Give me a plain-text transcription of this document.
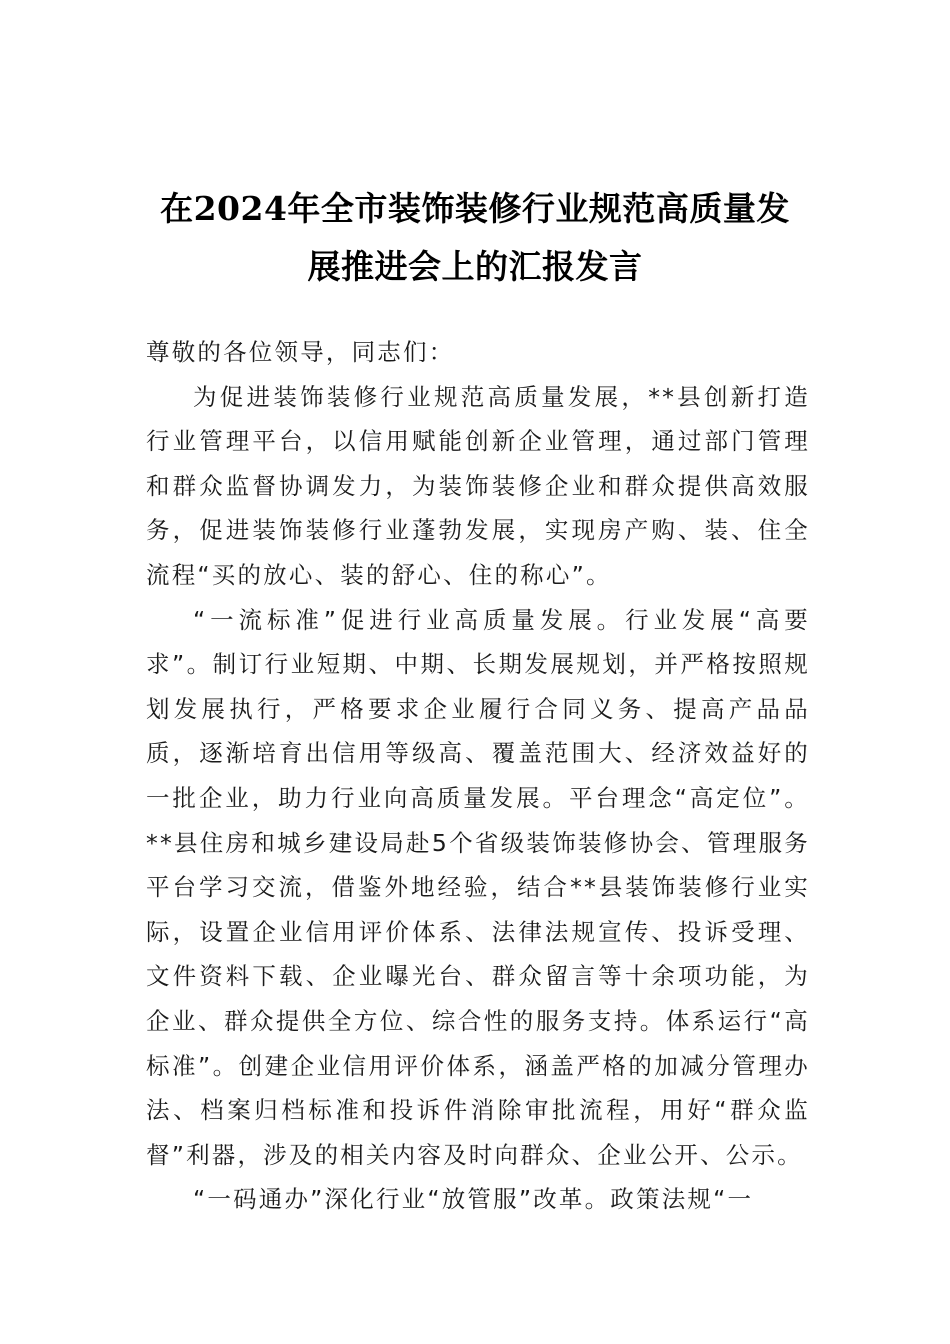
在2024年全市装饰装修行业规范高质量发
展推进会上的汇报发言

尊敬的各位领导，同志们：

为促进装饰装修行业规范高质量发展，**县创新打造行业管理平台，以信用赋能创新企业管理，通过部门管理和群众监督协调发力，为装饰装修企业和群众提供高效服务，促进装饰装修行业蓬勃发展，实现房产购、装、住全流程“买的放心、装的舒心、住的称心”。

“一流标准”促进行业高质量发展。行业发展“高要求”。制订行业短期、中期、长期发展规划，并严格按照规划发展执行，严格要求企业履行合同义务、提高产品品质，逐渐培育出信用等级高、覆盖范围大、经济效益好的一批企业，助力行业向高质量发展。平台理念“高定位”。**县住房和城乡建设局赴5个省级装饰装修协会、管理服务平台学习交流，借鉴外地经验，结合**县装饰装修行业实际，设置企业信用评价体系、法律法规宣传、投诉受理、文件资料下载、企业曝光台、群众留言等十余项功能，为企业、群众提供全方位、综合性的服务支持。体系运行“高标准”。创建企业信用评价体系，涵盖严格的加减分管理办法、档案归档标准和投诉件消除审批流程，用好“群众监督”利器，涉及的相关内容及时向群众、企业公开、公示。

“一码通办”深化行业“放管服”改革。政策法规“一
